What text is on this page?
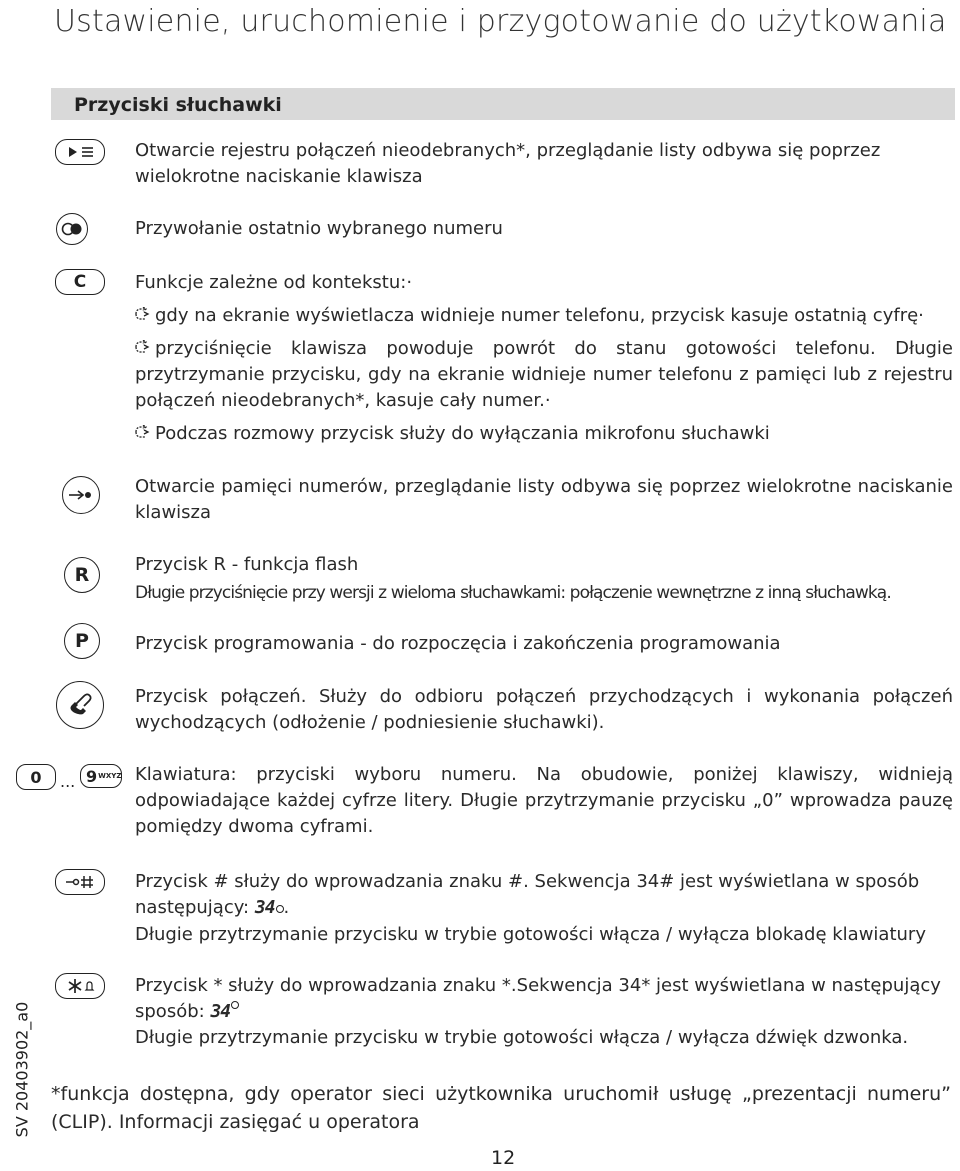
Ustawienie, uruchomienie i przygotowanie do użytkowania
Przyciski słuchawki
Otwarcie rejestru połączeń nieodebranych*, przeglądanie listy odbywa się poprzez wielokrotne naciskanie klawisza
Przywołanie ostatnio wybranego numeru
C	Funkcje zależne od kontekstu:·
gdy na ekranie wyświetlacza widnieje numer telefonu, przycisk kasuje ostatnią cyfrę·
przyciśnięcie klawisza powoduje powrót do stanu gotowości telefonu. Długie przytrzymanie przycisku, gdy na ekranie widnieje numer telefonu z pamięci lub z rejestru połączeń nieodebranych*, kasuje cały numer.·
Podczas rozmowy przycisk służy do wyłączania mikrofonu słuchawki
Otwarcie pamięci numerów, przeglądanie listy odbywa się poprzez wielokrotne naciskanie klawisza
R	Przycisk R - funkcja flash
Długie przyciśnięcie przy wersji z wieloma słuchawkami: połączenie wewnętrzne z inną słuchawką.
P	Przycisk programowania - do rozpoczęcia i zakończenia programowania
Przycisk połączeń. Służy do odbioru połączeń przychodzących i wykonania połączeń wychodzących (odłożenie / podniesienie słuchawki).
0 ... 9 WXYZ Klawiatura: przyciski wyboru numeru. Na obudowie, poniżej klawiszy, widnieją odpowiadające każdej cyfrze litery. Długie przytrzymanie przycisku „0” wprowadza pauzę pomiędzy dwoma cyframi.
Przycisk # służy do wprowadzania znaku #. Sekwencja 34# jest wyświetlana w sposób następujący: 34 .
Długie przytrzymanie przycisku w trybie gotowości włącza / wyłącza blokadę klawiatury
Przycisk * służy do wprowadzania znaku *.Sekwencja 34* jest wyświetlana w następujący sposób: 34
Długie przytrzymanie przycisku w trybie gotowości włącza / wyłącza dźwięk dzwonka.
*funkcja dostępna, gdy operator sieci użytkownika uruchomił usługę „prezentacji numeru” (CLIP). Informacji zasięgać u operatora
12
SV 20403902_a0
